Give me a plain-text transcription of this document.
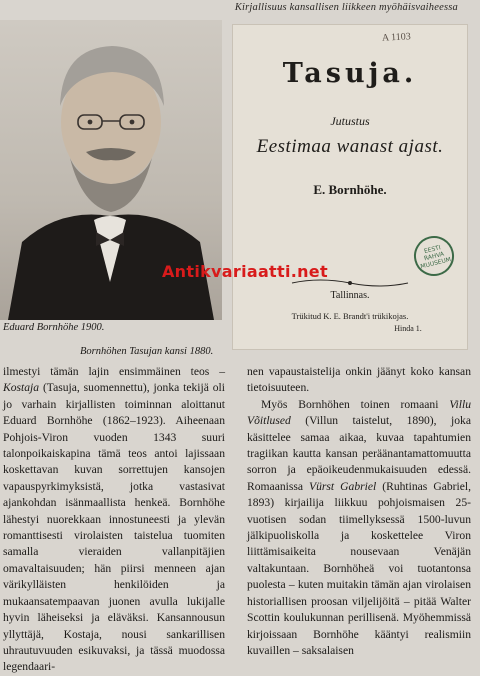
Kirjallisuus kansallisen liikkeen myöhäisvaiheessa
A 1103
Tasuja.
Jutustus
Eestimaa wanast ajast.
E. Bornhöhe.
EESTI RAHVA MUUSEUM
Tallinnas.
Trükitud K. E. Brandt'i trükikojas.
Hinda 1.
Antikvariaatti.net
Eduard Bornhöhe 1900.
Bornhöhen Tasujan kansi 1880.

ilmestyi tämän lajin ensimmäinen teos – Kostaja (Tasuja, suomennettu), jonka tekijä oli jo varhain kirjallisten toiminnan aloittanut Eduard Bornhöhe (1862–1923). Aiheenaan Pohjois-Viron vuoden 1343 suuri talonpoikaiskapina tämä teos antoi lajissaan koskettavan kuvan sorrettujen kansojen vapauspyrkimyksistä, jotka vastasivat ajankohdan isänmaallista henkeä. Bornhöhe lähestyi nuorekkaan innostuneesti ja ylevän romanttisesti virolaisten taistelua tuomiten samalla vieraiden vallanpitäjien omavaltaisuuden; hän piirsi menneen ajan värikylläisten henkilöiden ja mukaansatempaavan juonen avulla lukijalle hyvin läheiseksi ja eläväksi. Kansannousun yllyttäjä, Kostaja, nousi sankarillisen uhrautuvuuden esikuvaksi, ja tässä muodossa legendaari-

nen vapaustaistelija onkin jäänyt koko kansan tietoisuuteen.

Myös Bornhöhen toinen romaani Villu Võitlused (Villun taistelut, 1890), joka käsittelee samaa aikaa, kuvaa tapahtumien tragiikan kautta kansan peräänantamattomuutta sorron ja epäoikeudenmukaisuuden edessä. Romaanissa Vürst Gabriel (Ruhtinas Gabriel, 1893) kirjailija liikkuu pohjoismaisen 25-vuotisen sodan tiimellyksessä 1500-luvun jälkipuoliskolla ja koskettelee Viron liittämisaikeita nousevaan Venäjän valtakuntaan. Bornhöheä voi tuotantonsa puolesta – kuten muitakin tämän ajan virolaisen historiallisen proosan viljelijöitä – pitää Walter Scottin koulukunnan perillisenä. Myöhemmissä kirjoissaan Bornhöhe kääntyi realismiin kuvaillen – saksalaisen
